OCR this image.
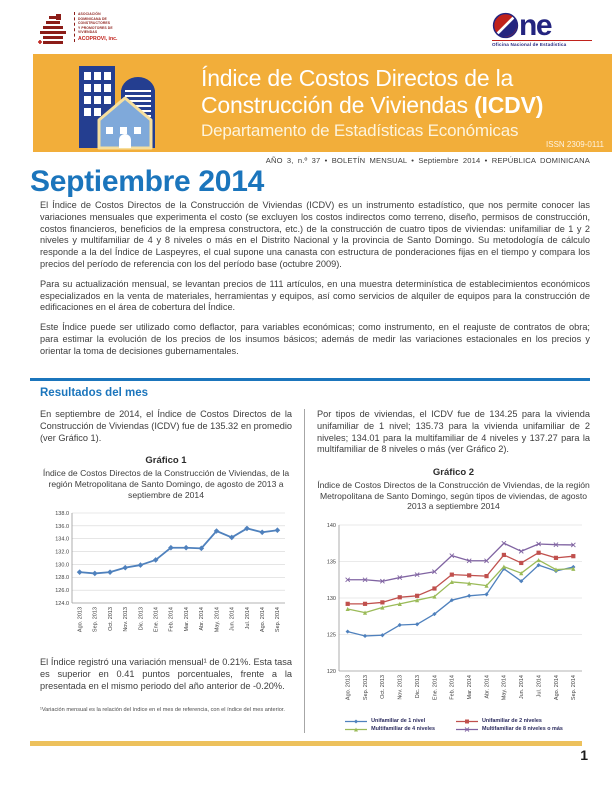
ASOCIACIÓN
DOMINICANA DE
CONSTRUCTORES
Y PROMOTORES DE
VIVIENDAS
ACOPROVI, inc.	ne
Oficina Nacional de Estadística
Índice de Costos Directos de la
Construcción de Viviendas (ICDV)
Departamento de Estadísticas Económicas
ISSN 2309-0111
AÑO 3, n.º 37 • BOLETÍN MENSUAL • Septiembre 2014 • REPÚBLICA DOMINICANA
Septiembre 2014

El Índice de Costos Directos de la Construcción de Viviendas (ICDV) es un instrumento estadístico, que nos permite conocer las variaciones mensuales que experimenta el costo (se excluyen los costos indirectos como terreno, diseño, permisos de construcción, costos financieros, beneficios de la empresa constructora, etc.) de la construcción de cuatro tipos de viviendas: unifamiliar de 1 y 2 niveles y multifamiliar de 4 y 8 niveles o más en el Distrito Nacional y la provincia de Santo Domingo. Su metodología de cálculo responde a la del Índice de Laspeyres, el cual supone una canasta con estructura de ponderaciones fijas en el tiempo y compara los precios del período de referencia con los del período base (octubre 2009).

Para su actualización mensual, se levantan precios de 111 artículos, en una muestra determinística de establecimientos económicos especializados en la venta de materiales, herramientas y equipos, así como servicios de alquiler de equipos para la construcción de edificaciones en el área de cobertura del Índice.

Este Índice puede ser utilizado como deflactor, para variables económicas; como instrumento, en el reajuste de contratos de obra; para estimar la evolución de los precios de los insumos básicos; además de medir las variaciones estacionales en los precios y orientar la toma de decisiones gubernamentales.

Resultados del mes

En septiembre de 2014, el Índice de Costos Directos de la Construcción de Viviendas (ICDV) fue de 135.32 en promedio (ver Gráfico 1).

Gráfico 1
Índice de Costos Directos de la Construcción de Viviendas, de la región Metropolitana de Santo Domingo, de agosto de 2013 a septiembre de 2014
124.0
126.0
128.0
130.0
132.0
134.0
136.0
138.0
Ago. 2013 Sep. 2013 Oct. 2013 Nov. 2013 Dic. 2013 Ene. 2014 Feb. 2014 Mar. 2014 Abr. 2014 May. 2014 Jun. 2014 Jul. 2014 Ago. 2014 Sep. 2014

El Índice registró una variación mensual¹ de 0.21%. Esta tasa es superior en 0.41 puntos porcentuales, frente a la presentada en el mismo periodo del año anterior de -0.20%.

¹Variación mensual es la relación del índice en el mes de referencia, con el índice del mes anterior.

Por tipos de viviendas, el ICDV fue de 134.25 para la vivienda unifamiliar de 1 nivel; 135.73 para la vivienda unifamiliar de 2 niveles; 134.01 para la multifamiliar de 4 niveles y 137.27 para la multifamiliar de 8 niveles o más (ver Gráfico 2).

Gráfico 2
Índice de Costos Directos de la Construcción de Viviendas, de la región Metropolitana de Santo Domingo, según tipos de viviendas, de agosto 2013 a septiembre 2014
120
125
130
135
140
Ago. 2013 Sep. 2013 Oct. 2013 Nov. 2013 Dic. 2013 Ene. 2014 Feb. 2014 Mar. 2014 Abr. 2014 May. 2014 Jun. 2014 Jul. 2014 Ago. 2014 Sep. 2014
Unifamiliar de 1 nivel	Unifamiliar de 2 niveles
Multifamiliar de 4 niveles	Multifamiliar de 8 niveles o más
1
